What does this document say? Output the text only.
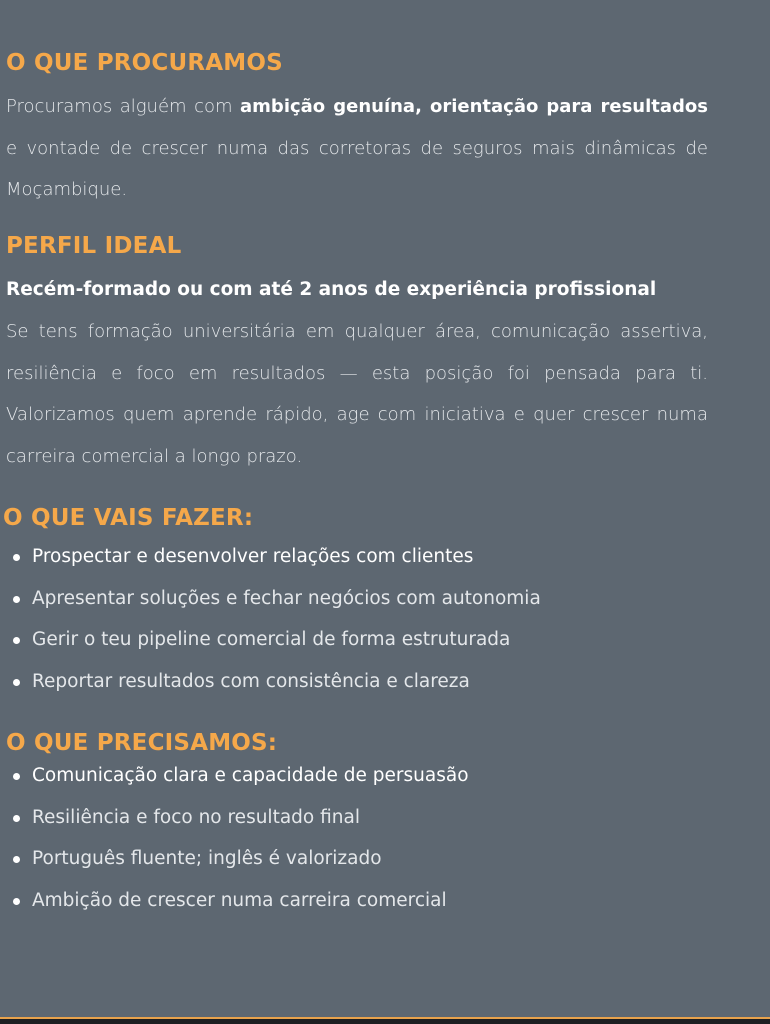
O QUE PROCURAMOS

Procuramos alguém com ambição genuína, orientação para resultados e vontade de crescer numa das corretoras de seguros mais dinâmicas de Moçambique.

PERFIL IDEAL

Recém-formado ou com até 2 anos de experiência profissional

Se tens formação universitária em qualquer área, comunicação assertiva, resiliência e foco em resultados — esta posição foi pensada para ti. Valorizamos quem aprende rápido, age com iniciativa e quer crescer numa carreira comercial a longo prazo.

O QUE VAIS FAZER:
Prospectar e desenvolver relações com clientes
Apresentar soluções e fechar negócios com autonomia
Gerir o teu pipeline comercial de forma estruturada
Reportar resultados com consistência e clareza
O QUE PRECISAMOS:
Comunicação clara e capacidade de persuasão
Resiliência e foco no resultado final
Português fluente; inglês é valorizado
Ambição de crescer numa carreira comercial
